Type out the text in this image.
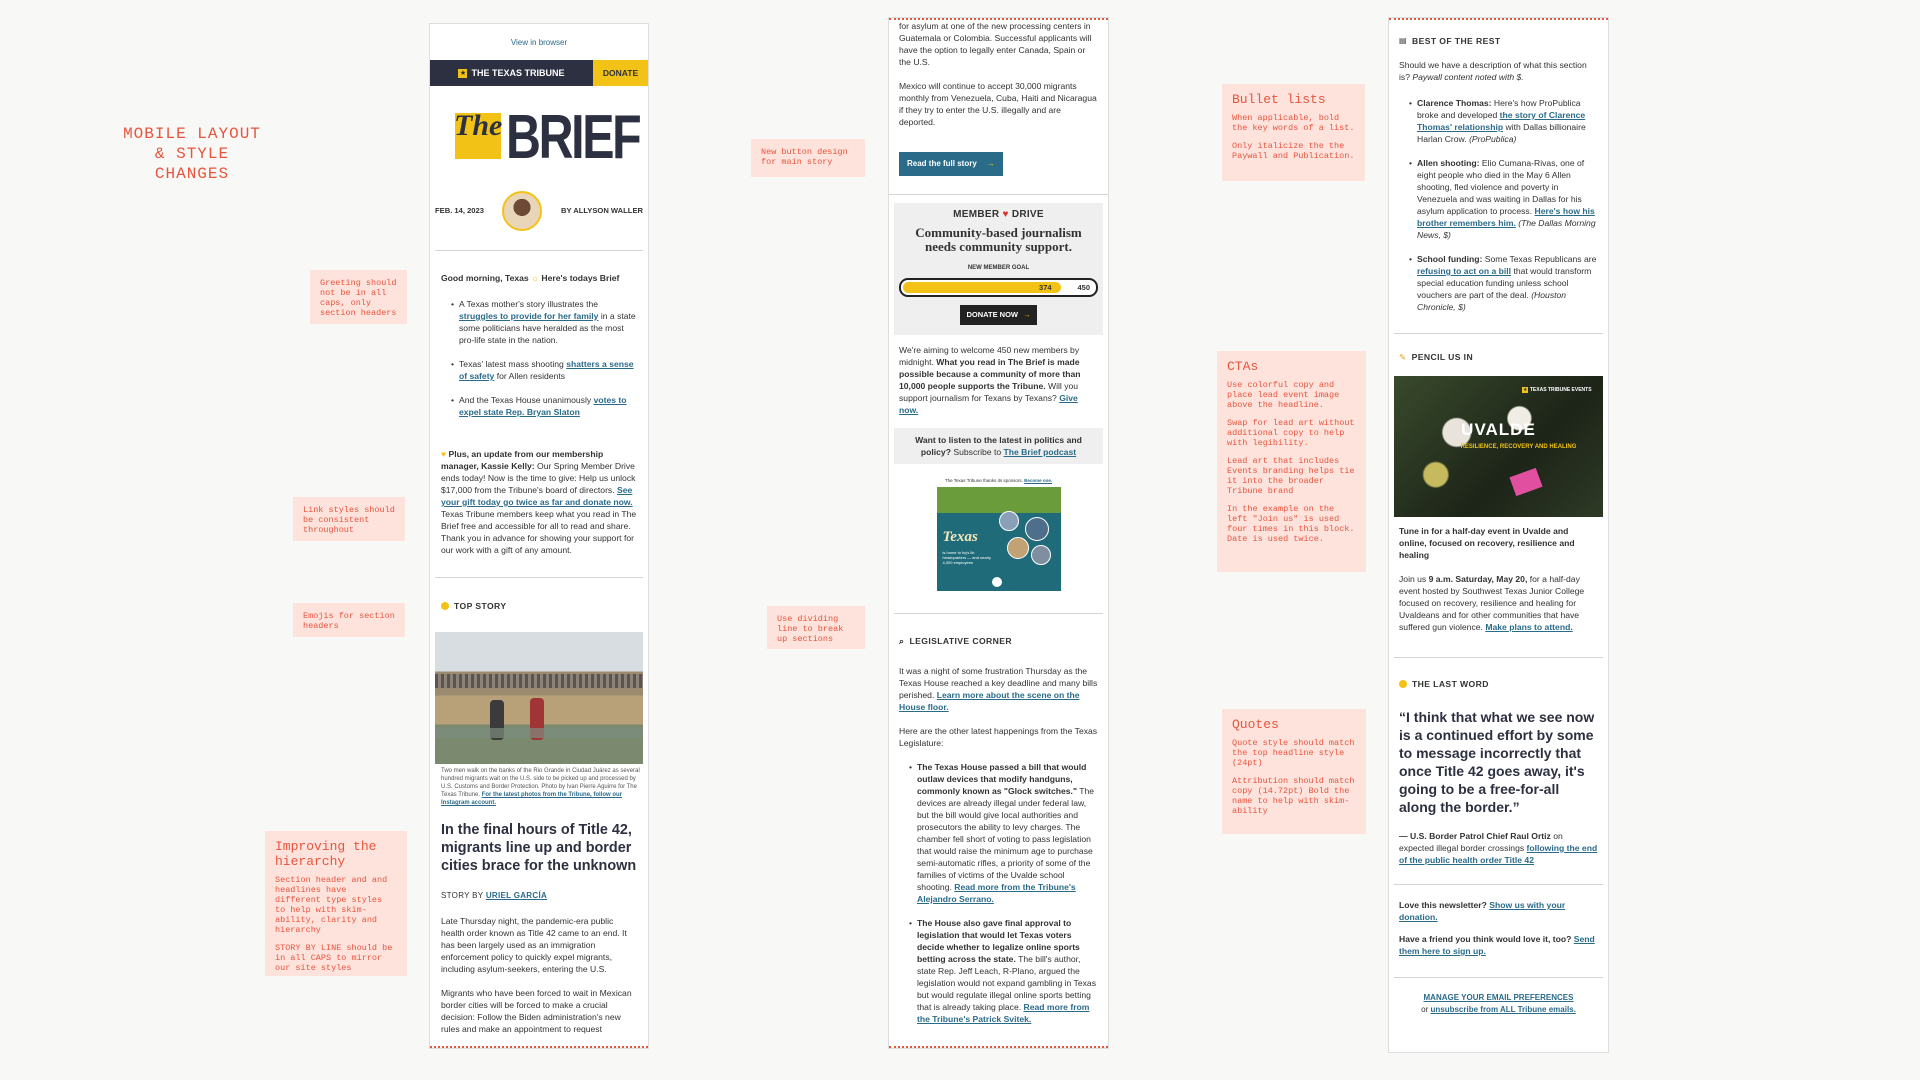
MOBILE LAYOUT
& STYLE CHANGES
Greeting should not be in all caps, only section headers
Link styles should be consistent throughout
Emojis for section headers
Improving the hierarchy

Section header and and headlines have different type styles to help with skim-ability, clarity and hierarchy

STORY BY LINE should be in all CAPS to mirror our site styles

New button design for main story
Use dividing line to break up sections
Bullet lists

When applicable, bold the key words of a list.

Only italicize the the Paywall and Publication.

CTAs

Use colorful copy and place lead event image above the headline.

Swap for lead art without additional copy to help with legibility.

Lead art that includes Events branding helps tie it into the broader Tribune brand

In the example on the left "Join us" is used four times in this block. Date is used twice.

Quotes

Quote style should match the top headline style (24pt)

Attribution should match copy (14.72pt) Bold the name to help with skim-ability

View in browser
★ THE TEXAS TRIBUNE	DONATE
The BRIEF
FEB. 14, 2023	BY ALLYSON WALLER
Good morning, Texas ☼ Here's todays Brief
• A Texas mother's story illustrates the struggles to provide for her family in a state some politicians have heralded as the most pro-life state in the nation.
• Texas' latest mass shooting shatters a sense of safety for Allen residents
• And the Texas House unanimously votes to expel state Rep. Bryan Slaton
♥ Plus, an update from our membership manager, Kassie Kelly: Our Spring Member Drive ends today! Now is the time to give: Help us unlock $17,000 from the Tribune's board of directors. See your gift today go twice as far and donate now. Texas Tribune members keep what you read in The Brief free and accessible for all to read and share. Thank you in advance for showing your support for our work with a gift of any amount.
TOP STORY
Two men walk on the banks of the Rio Grande in Ciudad Juárez as several hundred migrants wait on the U.S. side to be picked up and processed by U.S. Customs and Border Protection. Photo by Ivan Pierre Aguirre for The Texas Tribune. For the latest photos from the Tribune, follow our Instagram account.
In the final hours of Title 42, migrants line up and border cities brace for the unknown
STORY BY URIEL GARCÍA

Late Thursday night, the pandemic-era public health order known as Title 42 came to an end. It has been largely used as an immigration enforcement policy to quickly expel migrants, including asylum-seekers, entering the U.S.

Migrants who have been forced to wait in Mexican border cities will be forced to make a crucial decision: Follow the Biden administration's new rules and make an appointment to request

for asylum at one of the new processing centers in Guatemala or Colombia. Successful applicants will have the option to legally enter Canada, Spain or the U.S.

Mexico will continue to accept 30,000 migrants monthly from Venezuela, Cuba, Haiti and Nicaragua if they try to enter the U.S. illegally and are deported.

Read the full story →
MEMBER ♥ DRIVE
Community-based journalism needs community support.
NEW MEMBER GOAL
374	450
DONATE NOW →
We're aiming to welcome 450 new members by midnight. What you read in The Brief is made possible because a community of more than 10,000 people supports the Tribune. Will you support journalism for Texans by Texans? Give now.
Want to listen to the latest in politics and policy? Subscribe to The Brief podcast
The Texas Tribune thanks its sponsors. Become one.
Texas
is home to hq's lib headquarters — and nearly 4,000 employees
⌕ LEGISLATIVE CORNER

It was a night of some frustration Thursday as the Texas House reached a key deadline and many bills perished. Learn more about the scene on the House floor.

Here are the other latest happenings from the Texas Legislature:

• The Texas House passed a bill that would outlaw devices that modify handguns, commonly known as "Glock switches." The devices are already illegal under federal law, but the bill would give local authorities and prosecutors the ability to levy charges. The chamber fell short of voting to pass legislation that would raise the minimum age to purchase semi-automatic rifles, a priority of some of the families of victims of the Uvalde school shooting. Read more from the Tribune's Alejandro Serrano.
• The House also gave final approval to legislation that would let Texas voters decide whether to legalize online sports betting across the state. The bill's author, state Rep. Jeff Leach, R-Plano, argued the legislation would not expand gambling in Texas but would regulate illegal online sports betting that is already taking place. Read more from the Tribune's Patrick Svitek.
▤ BEST OF THE REST

Should we have a description of what this section is? Paywall content noted with $.

• Clarence Thomas: Here's how ProPublica broke and developed the story of Clarence Thomas' relationship with Dallas billionaire Harlan Crow. (ProPublica)
• Allen shooting: Elio Cumana-Rivas, one of eight people who died in the May 6 Allen shooting, fled violence and poverty in Venezuela and was waiting in Dallas for his asylum application to process. Here's how his brother remembers him. (The Dallas Morning News, $)
• School funding: Some Texas Republicans are refusing to act on a bill that would transform special education funding unless school vouchers are part of the deal. (Houston Chronicle, $)
✎ PENCIL US IN
★ TEXAS TRIBUNE EVENTS
UVALDE
RESILIENCE, RECOVERY AND HEALING
Tune in for a half-day event in Uvalde and online, focused on recovery, resilience and healing

Join us 9 a.m. Saturday, May 20, for a half-day event hosted by Southwest Texas Junior College focused on recovery, resilience and healing for Uvaldeans and for other communities that have suffered gun violence. Make plans to attend.

THE LAST WORD
“I think that what we see now is a continued effort by some to message incorrectly that once Title 42 goes away, it's going to be a free-for-all along the border.”

— U.S. Border Patrol Chief Raul Ortiz on expected illegal border crossings following the end of the public health order Title 42

Love this newsletter? Show us with your donation.

Have a friend you think would love it, too? Send them here to sign up.

MANAGE YOUR EMAIL PREFERENCES
or unsubscribe from ALL Tribune emails.
